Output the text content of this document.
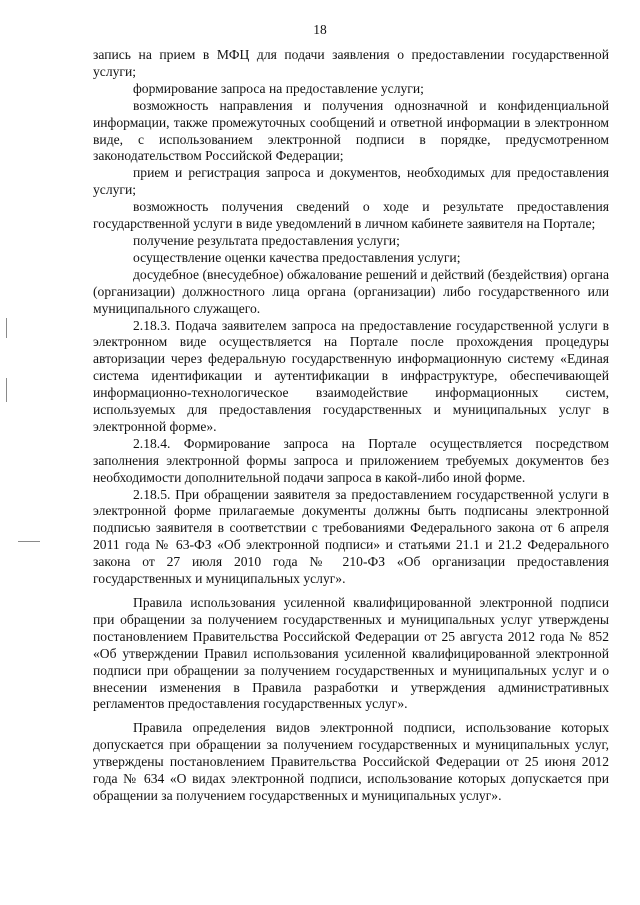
18

запись на прием в МФЦ для подачи заявления о предоставлении государственной услуги;

формирование запроса на предоставление услуги;

возможность направления и получения однозначной и конфиденциальной информации, также промежуточных сообщений и ответной информации в электронном виде, с использованием электронной подписи в порядке, предусмотренном законодательством Российской Федерации;

прием и регистрация запроса и документов, необходимых для предоставления услуги;

возможность получения сведений о ходе и результате предоставления государственной услуги в виде уведомлений в личном кабинете заявителя на Портале;

получение результата предоставления услуги;

осуществление оценки качества предоставления услуги;

досудебное (внесудебное) обжалование решений и действий (бездействия) органа (организации) должностного лица органа (организации) либо государственного или муниципального служащего.

2.18.3. Подача заявителем запроса на предоставление государственной услуги в электронном виде осуществляется на Портале после прохождения процедуры авторизации через федеральную государственную информационную систему «Единая система идентификации и аутентификации в инфраструктуре, обеспечивающей информационно-технологическое взаимодействие информационных систем, используемых для предоставления государственных и муниципальных услуг в электронной форме».

2.18.4. Формирование запроса на Портале осуществляется посредством заполнения электронной формы запроса и приложением требуемых документов без необходимости дополнительной подачи запроса в какой-либо иной форме.

2.18.5. При обращении заявителя за предоставлением государственной услуги в электронной форме прилагаемые документы должны быть подписаны электронной подписью заявителя в соответствии с требованиями Федерального закона от 6 апреля 2011 года № 63-ФЗ «Об электронной подписи» и статьями 21.1 и 21.2 Федерального закона от 27 июля 2010 года № 210-ФЗ «Об организации предоставления государственных и муниципальных услуг».

Правила использования усиленной квалифицированной электронной подписи при обращении за получением государственных и муниципальных услуг утверждены постановлением Правительства Российской Федерации от 25 августа 2012 года № 852 «Об утверждении Правил использования усиленной квалифицированной электронной подписи при обращении за получением государственных и муниципальных услуг и о внесении изменения в Правила разработки и утверждения административных регламентов предоставления государственных услуг».

Правила определения видов электронной подписи, использование которых допускается при обращении за получением государственных и муниципальных услуг, утверждены постановлением Правительства Российской Федерации от 25 июня 2012 года № 634 «О видах электронной подписи, использование которых допускается при обращении за получением государственных и муниципальных услуг».
